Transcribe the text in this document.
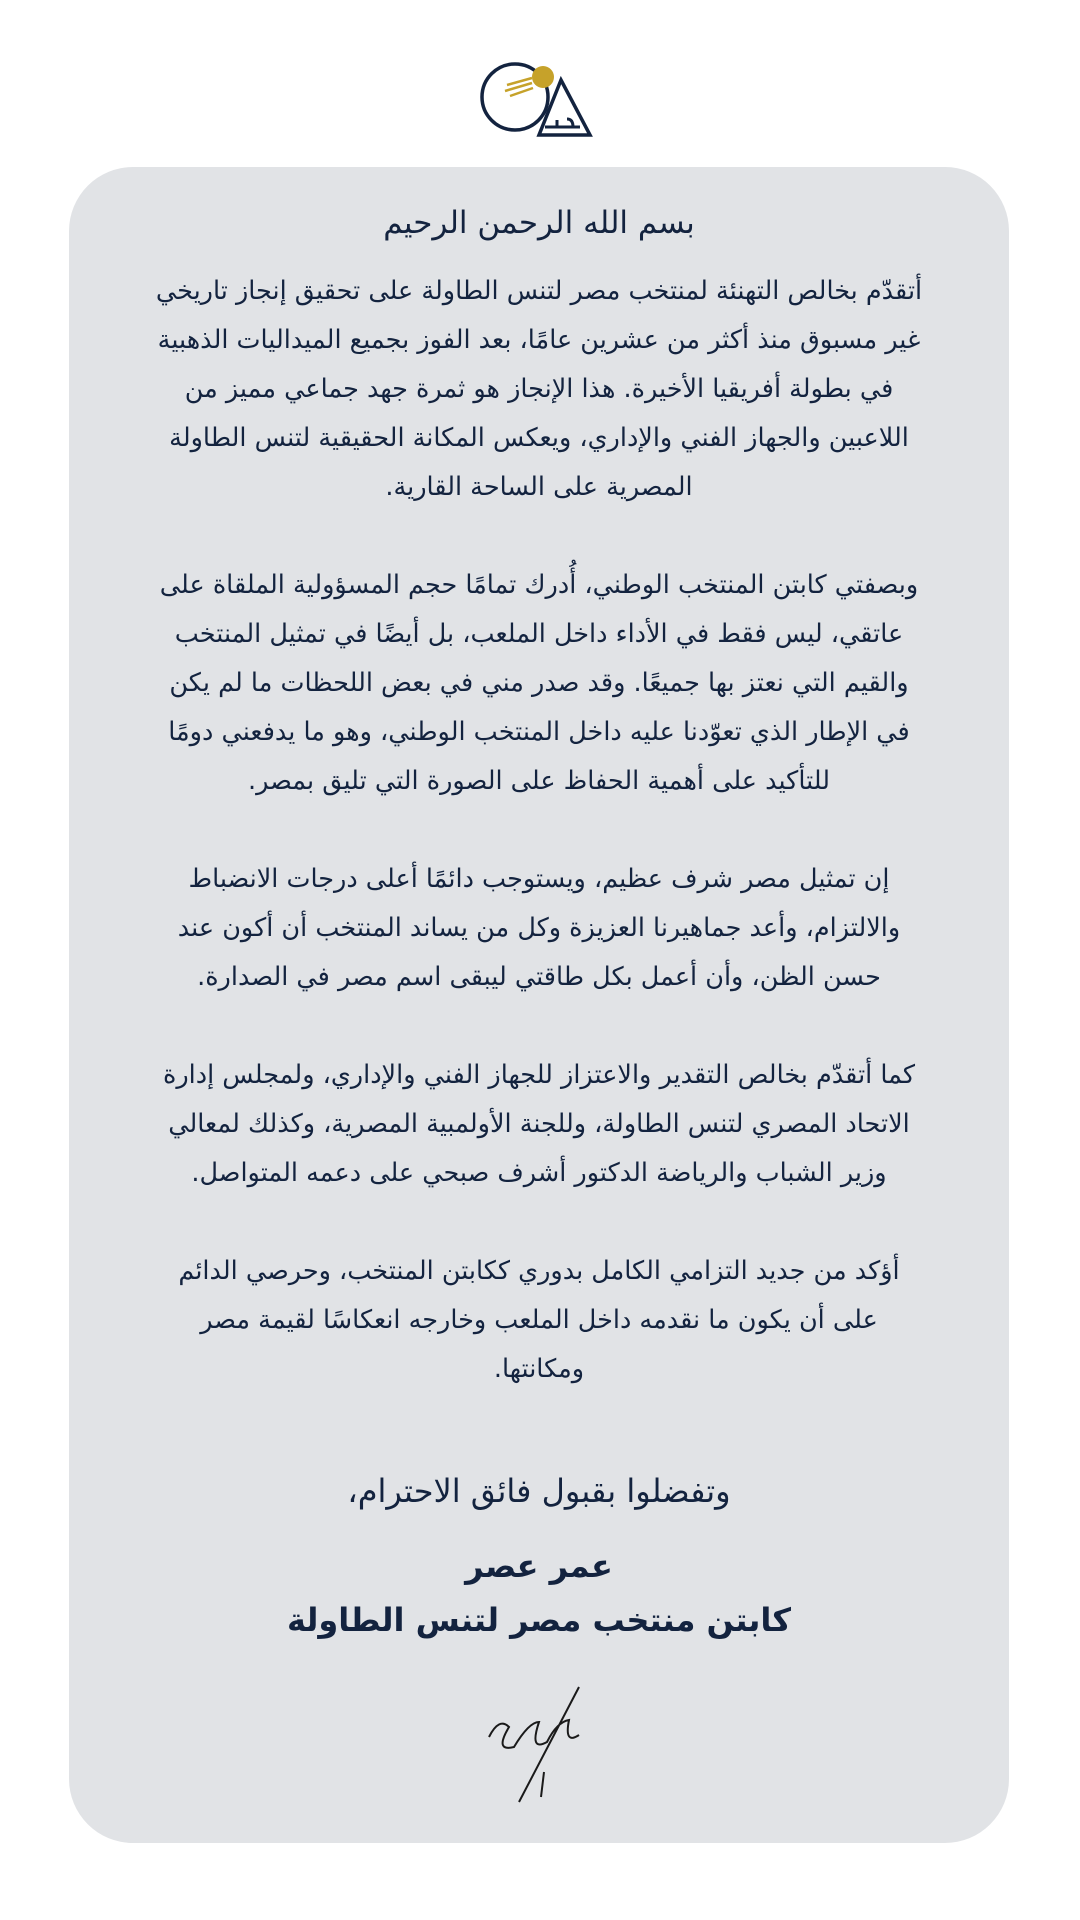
بسم الله الرحمن الرحيم
أتقدّم بخالص التهنئة لمنتخب مصر لتنس الطاولة على تحقيق إنجاز تاريخي
غير مسبوق منذ أكثر من عشرين عامًا، بعد الفوز بجميع الميداليات الذهبية
في بطولة أفريقيا الأخيرة. هذا الإنجاز هو ثمرة جهد جماعي مميز من
اللاعبين والجهاز الفني والإداري، ويعكس المكانة الحقيقية لتنس الطاولة
المصرية على الساحة القارية.
وبصفتي كابتن المنتخب الوطني، أُدرك تمامًا حجم المسؤولية الملقاة على
عاتقي، ليس فقط في الأداء داخل الملعب، بل أيضًا في تمثيل المنتخب
والقيم التي نعتز بها جميعًا. وقد صدر مني في بعض اللحظات ما لم يكن
في الإطار الذي تعوّدنا عليه داخل المنتخب الوطني، وهو ما يدفعني دومًا
للتأكيد على أهمية الحفاظ على الصورة التي تليق بمصر.
إن تمثيل مصر شرف عظيم، ويستوجب دائمًا أعلى درجات الانضباط
والالتزام، وأعد جماهيرنا العزيزة وكل من يساند المنتخب أن أكون عند
حسن الظن، وأن أعمل بكل طاقتي ليبقى اسم مصر في الصدارة.
كما أتقدّم بخالص التقدير والاعتزاز للجهاز الفني والإداري، ولمجلس إدارة
الاتحاد المصري لتنس الطاولة، وللجنة الأولمبية المصرية، وكذلك لمعالي
وزير الشباب والرياضة الدكتور أشرف صبحي على دعمه المتواصل.
أؤكد من جديد التزامي الكامل بدوري ككابتن المنتخب، وحرصي الدائم
على أن يكون ما نقدمه داخل الملعب وخارجه انعكاسًا لقيمة مصر
ومكانتها.
وتفضلوا بقبول فائق الاحترام،
عمر عصر
كابتن منتخب مصر لتنس الطاولة
